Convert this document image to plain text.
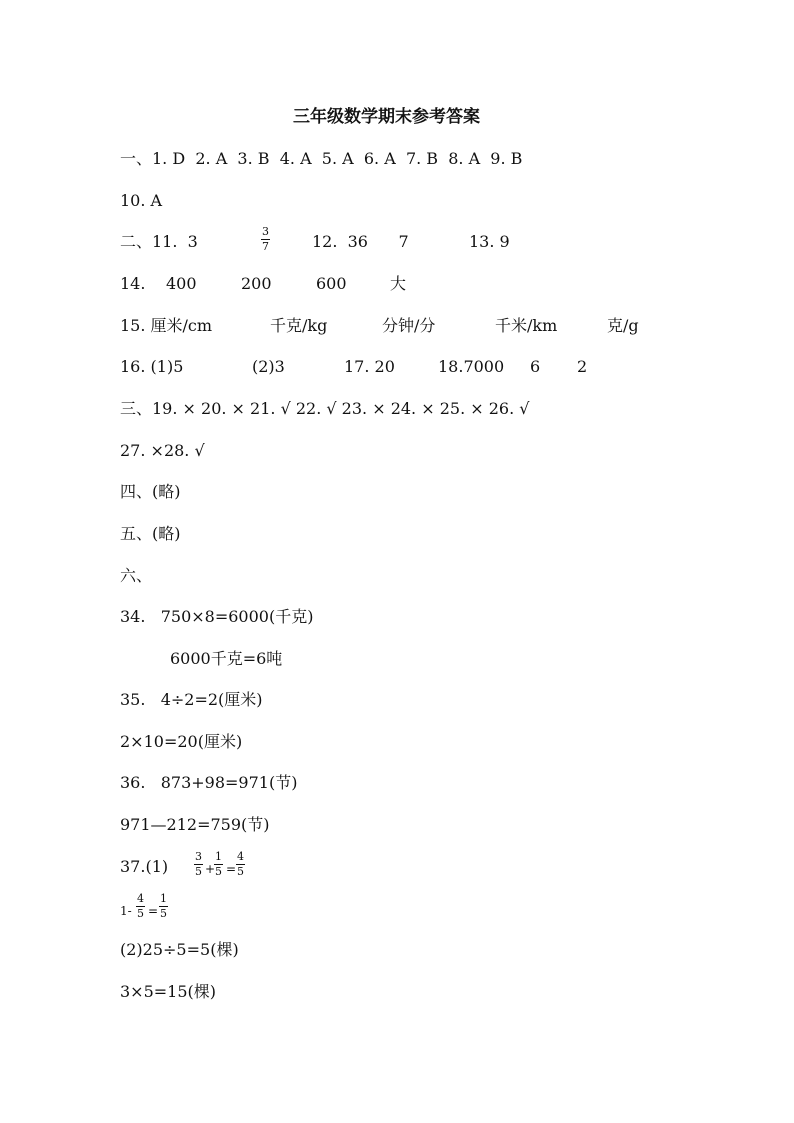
三年级数学期末参考答案
一、1. D  2. A  3. B  4. A  5. A  6. A  7. B  8. A  9. B
10. A
二、11.  3
3
7	12.  36      7	13. 9
14. 400	200	600	大
15. 厘米/cm	千克/kg	分钟/分	千米/km	克/g
16. (1)5	(2)3	17. 20	18.7000 6 2
三、19. × 20. × 21. √ 22. √ 23. × 24. × 25. × 26. √
27. ×28. √
四、(略)
五、(略)
六、
34.   750×8=6000(千克)
6000千克=6吨
35.   4÷2=2(厘米)
2×10=20(厘米)
36.   873+98=971(节)
971—212=759(节)
37.(1)
3
5 +
1
5 =
4
5
1-
4
5 =
1
5
(2)25÷5=5(棵)
3×5=15(棵)
